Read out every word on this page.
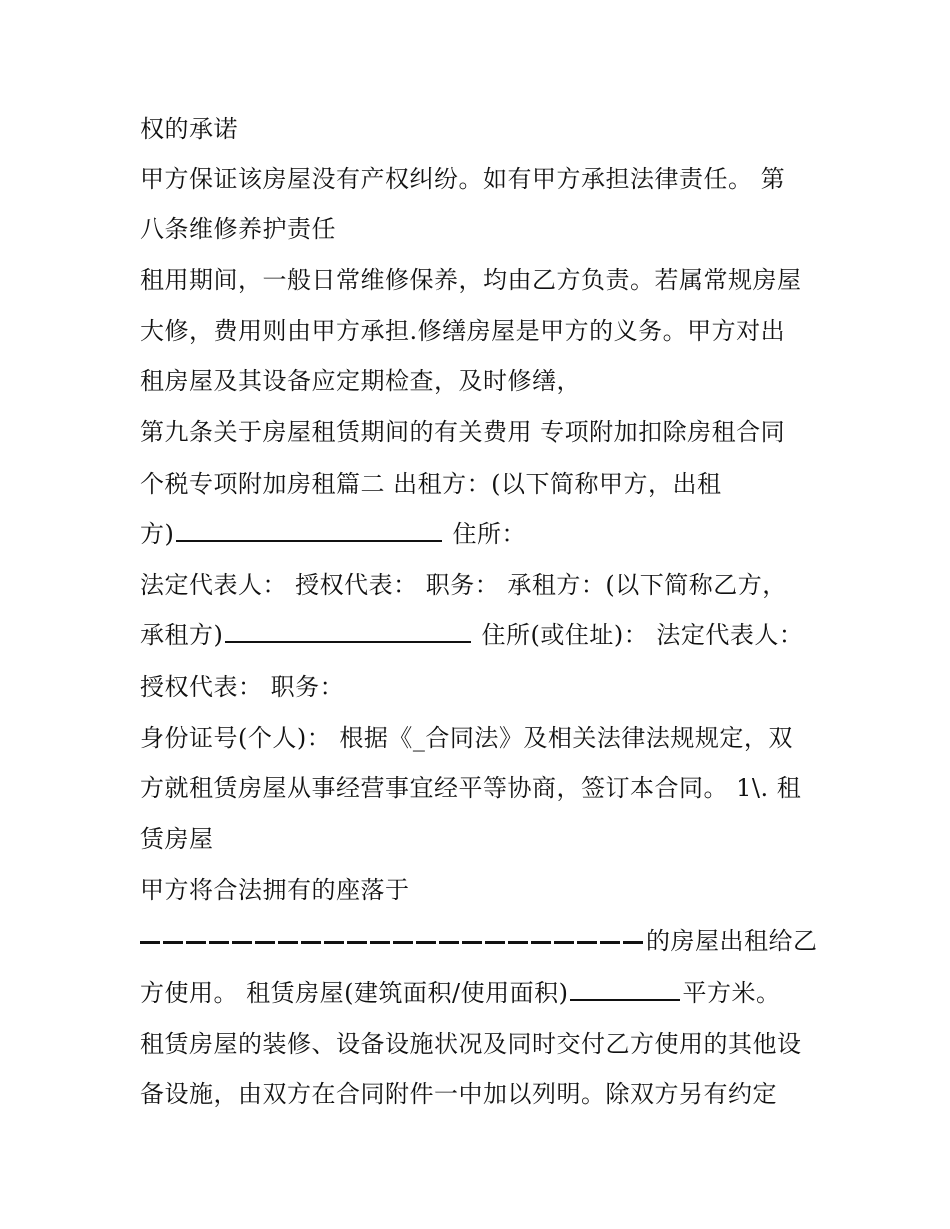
权的承诺
甲方保证该房屋没有产权纠纷。如有甲方承担法律责任。 第
八条维修养护责任
租用期间，一般日常维修保养，均由乙方负责。若属常规房屋
大修，费用则由甲方承担.修缮房屋是甲方的义务。甲方对出
租房屋及其设备应定期检查，及时修缮，
第九条关于房屋租赁期间的有关费用 专项附加扣除房租合同
个税专项附加房租篇二 出租方：(以下简称甲方，出租
方)	住所：
法定代表人： 授权代表： 职务： 承租方：(以下简称乙方，
承租方)	住所(或住址)： 法定代表人：
授权代表： 职务：
身份证号(个人)： 根据《_合同法》及相关法律法规规定，双
方就租赁房屋从事经营事宜经平等协商，签订本合同。 1\. 租
赁房屋
甲方将合法拥有的座落于
的房屋出租给乙
方使用。 租赁房屋(建筑面积/使用面积)	平方米。
租赁房屋的装修、设备设施状况及同时交付乙方使用的其他设
备设施，由双方在合同附件一中加以列明。除双方另有约定
